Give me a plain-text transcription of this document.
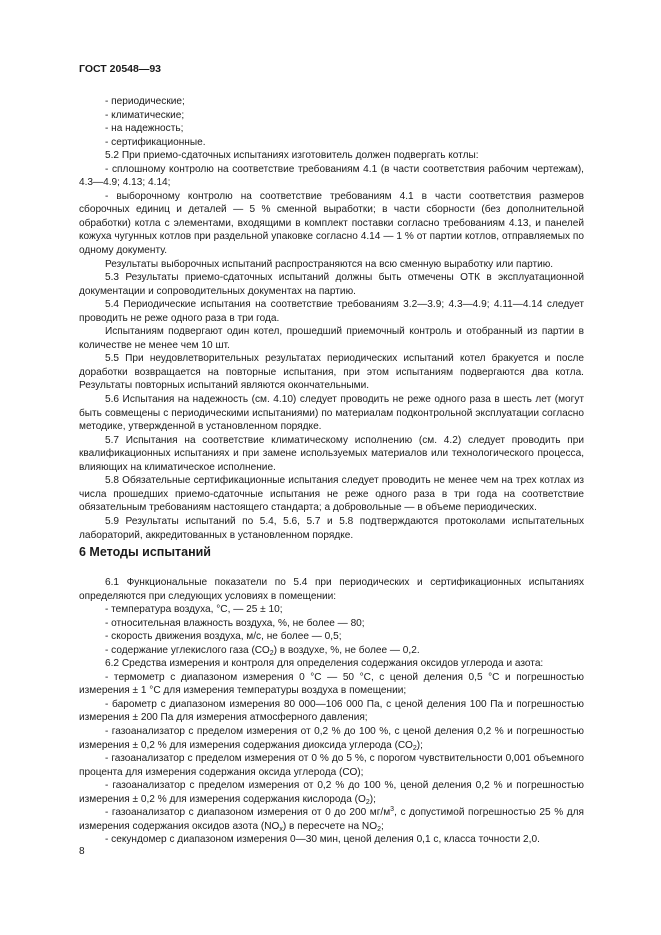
ГОСТ 20548—93

- периодические;

- климатические;

- на надежность;

- сертификационные.

5.2 При приемо-сдаточных испытаниях изготовитель должен подвергать котлы:

- сплошному контролю на соответствие требованиям 4.1 (в части соответствия рабочим чертежам), 4.3—4.9; 4.13; 4.14;

- выборочному контролю на соответствие требованиям 4.1 в части соответствия размеров сборочных единиц и деталей — 5 % сменной выработки; в части сборности (без дополнительной обработки) котла с элементами, входящими в комплект поставки согласно требованиям 4.13, и панелей кожуха чугунных котлов при раздельной упаковке согласно 4.14 — 1 % от партии котлов, отправляемых по одному документу.

Результаты выборочных испытаний распространяются на всю сменную выработку или партию.

5.3 Результаты приемо-сдаточных испытаний должны быть отмечены ОТК в эксплуатационной документации и сопроводительных документах на партию.

5.4 Периодические испытания на соответствие требованиям 3.2—3.9; 4.3—4.9; 4.11—4.14 следует проводить не реже одного раза в три года.

Испытаниям подвергают один котел, прошедший приемочный контроль и отобранный из партии в количестве не менее чем 10 шт.

5.5 При неудовлетворительных результатах периодических испытаний котел бракуется и после доработки возвращается на повторные испытания, при этом испытаниям подвергаются два котла. Результаты повторных испытаний являются окончательными.

5.6 Испытания на надежность (см. 4.10) следует проводить не реже одного раза в шесть лет (могут быть совмещены с периодическими испытаниями) по материалам подконтрольной эксплуатации согласно методике, утвержденной в установленном порядке.

5.7 Испытания на соответствие климатическому исполнению (см. 4.2) следует проводить при квалификационных испытаниях и при замене используемых материалов или технологического процесса, влияющих на климатическое исполнение.

5.8 Обязательные сертификационные испытания следует проводить не менее чем на трех котлах из числа прошедших приемо-сдаточные испытания не реже одного раза в три года на соответствие обязательным требованиям настоящего стандарта; а добровольные — в объеме периодических.

5.9 Результаты испытаний по 5.4, 5.6, 5.7 и 5.8 подтверждаются протоколами испытательных лабораторий, аккредитованных в установленном порядке.

6 Методы испытаний

6.1 Функциональные показатели по 5.4 при периодических и сертификационных испытаниях определяются при следующих условиях в помещении:

- температура воздуха, °С, — 25 ± 10;

- относительная влажность воздуха, %, не более — 80;

- скорость движения воздуха, м/с, не более — 0,5;

- содержание углекислого газа $(СО_2)$ в воздухе, %, не более — 0,2.

6.2 Средства измерения и контроля для определения содержания оксидов углерода и азота:

- термометр с диапазоном измерения 0 °С — 50 °С, с ценой деления 0,5 °С и погрешностью измерения ± 1 °С для измерения температуры воздуха в помещении;

- барометр с диапазоном измерения 80 000—106 000 Па, с ценой деления 100 Па и погрешностью измерения ± 200 Па для измерения атмосферного давления;

- газоанализатор с пределом измерения от 0,2 % до 100 %, с ценой деления 0,2 % и погрешностью измерения ± 0,2 % для измерения содержания диоксида углерода $(СО_2)$;

- газоанализатор с пределом измерения от 0 % до 5 %, с порогом чувствительности 0,001 объемного процента для измерения содержания оксида углерода (СО);

- газоанализатор с пределом измерения от 0,2 % до 100 %, ценой деления 0,2 % и погрешностью измерения ± 0,2 % для измерения содержания кислорода $(О_2)$;

- газоанализатор с диапазоном измерения от 0 до 200 $мг/м^3$, с допустимой погрешностью 25 % для измерения содержания оксидов азота $(NO_x)$ в пересчете на $NO_2$;

- секундомер с диапазоном измерения 0—30 мин, ценой деления 0,1 с, класса точности 2,0.

8
